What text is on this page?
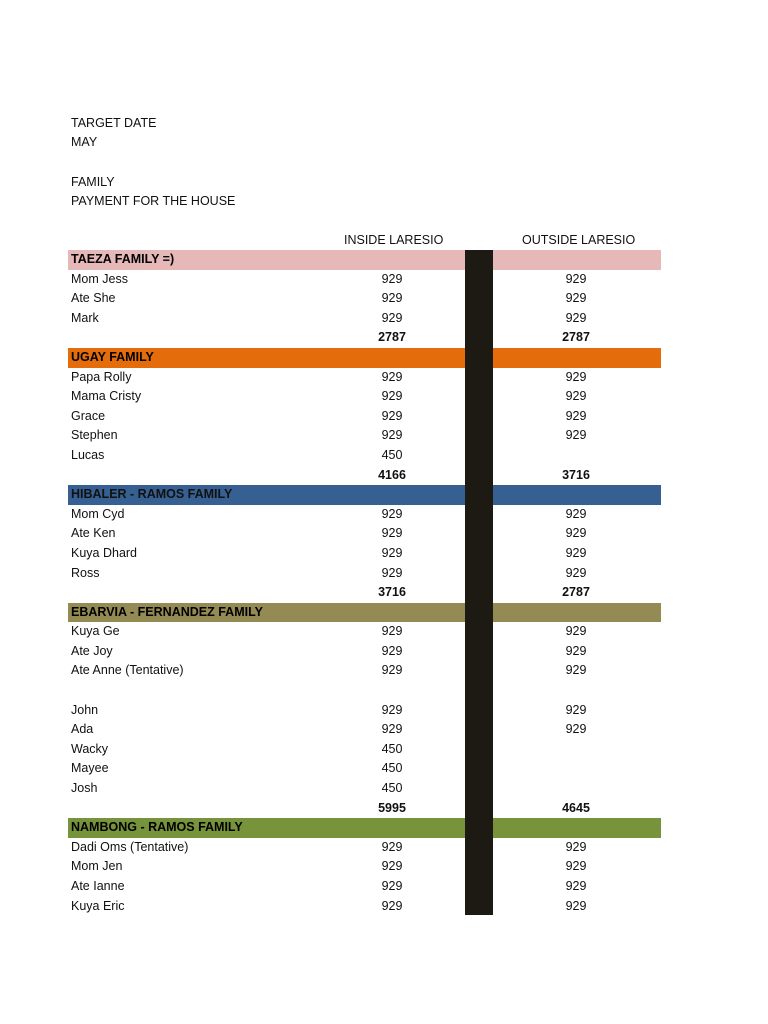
TARGET DATE
MAY
FAMILY
PAYMENT FOR THE HOUSE
INSIDE LARESIO	OUTSIDE LARESIO
TAEZA FAMILY =)
Mom Jess	929	929
Ate She	929	929
Mark	929	929
2787	2787
UGAY FAMILY
Papa Rolly	929	929
Mama Cristy	929	929
Grace	929	929
Stephen	929	929
Lucas	450
4166	3716
HIBALER - RAMOS FAMILY
Mom Cyd	929	929
Ate Ken	929	929
Kuya Dhard	929	929
Ross	929	929
3716	2787
EBARVIA - FERNANDEZ FAMILY
Kuya Ge	929	929
Ate Joy	929	929
Ate Anne (Tentative)	929	929
John	929	929
Ada	929	929
Wacky	450
Mayee	450
Josh	450
5995	4645
NAMBONG - RAMOS FAMILY
Dadi Oms (Tentative)	929	929
Mom Jen	929	929
Ate Ianne	929	929
Kuya Eric	929	929
